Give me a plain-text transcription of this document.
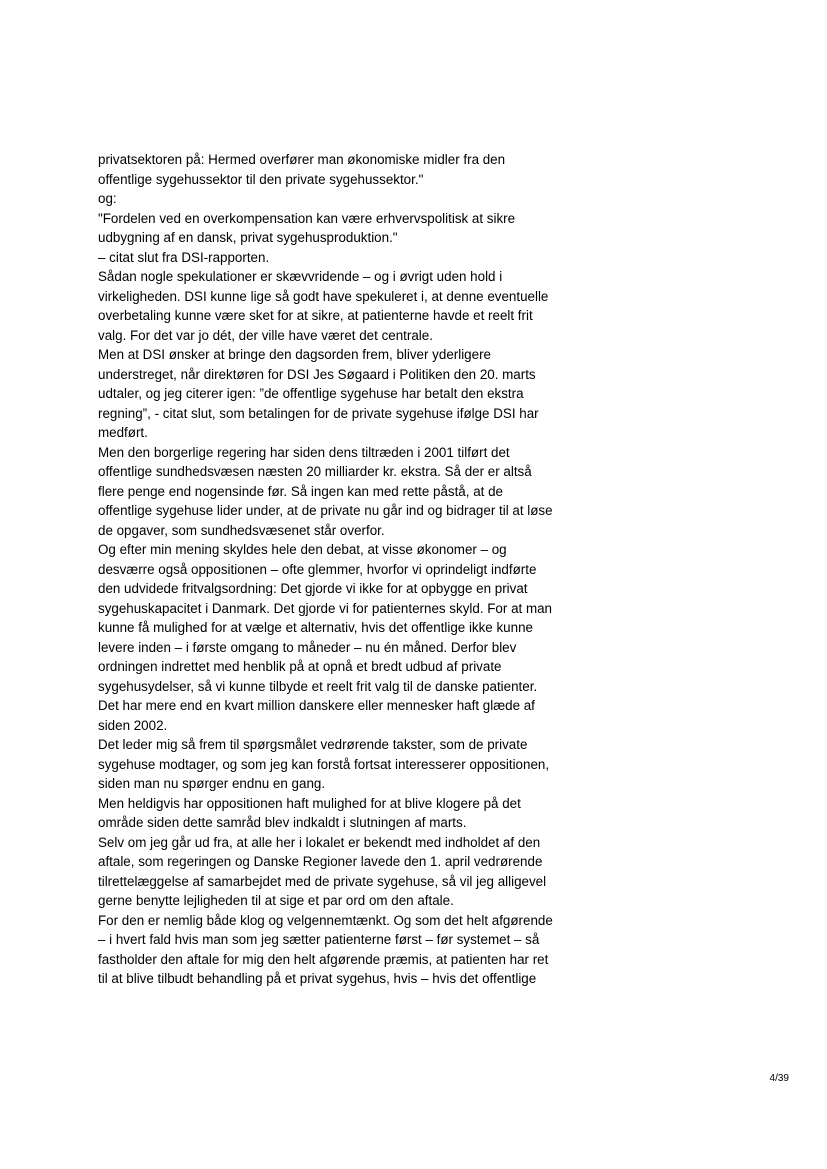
privatsektoren på: Hermed overfører man økonomiske midler fra den
offentlige sygehussektor til den private sygehussektor."
og:
"Fordelen ved en overkompensation kan være erhvervspolitisk at sikre
udbygning af en dansk, privat sygehusproduktion."
– citat slut fra DSI-rapporten.
Sådan nogle spekulationer er skævvridende – og i øvrigt uden hold i
virkeligheden. DSI kunne lige så godt have spekuleret i, at denne eventuelle
overbetaling kunne være sket for at sikre, at patienterne havde et reelt frit
valg. For det var jo dét, der ville have været det centrale.
Men at DSI ønsker at bringe den dagsorden frem, bliver yderligere
understreget, når direktøren for DSI Jes Søgaard i Politiken den 20. marts
udtaler, og jeg citerer igen: ”de offentlige sygehuse har betalt den ekstra
regning”, - citat slut, som betalingen for de private sygehuse ifølge DSI har
medført.
Men den borgerlige regering har siden dens tiltræden i 2001 tilført det
offentlige sundhedsvæsen næsten 20 milliarder kr. ekstra. Så der er altså
flere penge end nogensinde før. Så ingen kan med rette påstå, at de
offentlige sygehuse lider under, at de private nu går ind og bidrager til at løse
de opgaver, som sundhedsvæsenet står overfor.
Og efter min mening skyldes hele den debat, at visse økonomer – og
desværre også oppositionen – ofte glemmer, hvorfor vi oprindeligt indførte
den udvidede fritvalgsordning: Det gjorde vi ikke for at opbygge en privat
sygehuskapacitet i Danmark. Det gjorde vi for patienternes skyld. For at man
kunne få mulighed for at vælge et alternativ, hvis det offentlige ikke kunne
levere inden – i første omgang to måneder – nu én måned. Derfor blev
ordningen indrettet med henblik på at opnå et bredt udbud af private
sygehusydelser, så vi kunne tilbyde et reelt frit valg til de danske patienter.
Det har mere end en kvart million danskere eller mennesker haft glæde af
siden 2002.
Det leder mig så frem til spørgsmålet vedrørende takster, som de private
sygehuse modtager, og som jeg kan forstå fortsat interesserer oppositionen,
siden man nu spørger endnu en gang.
Men heldigvis har oppositionen haft mulighed for at blive klogere på det
område siden dette samråd blev indkaldt i slutningen af marts.
Selv om jeg går ud fra, at alle her i lokalet er bekendt med indholdet af den
aftale, som regeringen og Danske Regioner lavede den 1. april vedrørende
tilrettelæggelse af samarbejdet med de private sygehuse, så vil jeg alligevel
gerne benytte lejligheden til at sige et par ord om den aftale.
For den er nemlig både klog og velgennemtænkt. Og som det helt afgørende
– i hvert fald hvis man som jeg sætter patienterne først – før systemet – så
fastholder den aftale for mig den helt afgørende præmis, at patienten har ret
til at blive tilbudt behandling på et privat sygehus, hvis – hvis det offentlige
4/39
